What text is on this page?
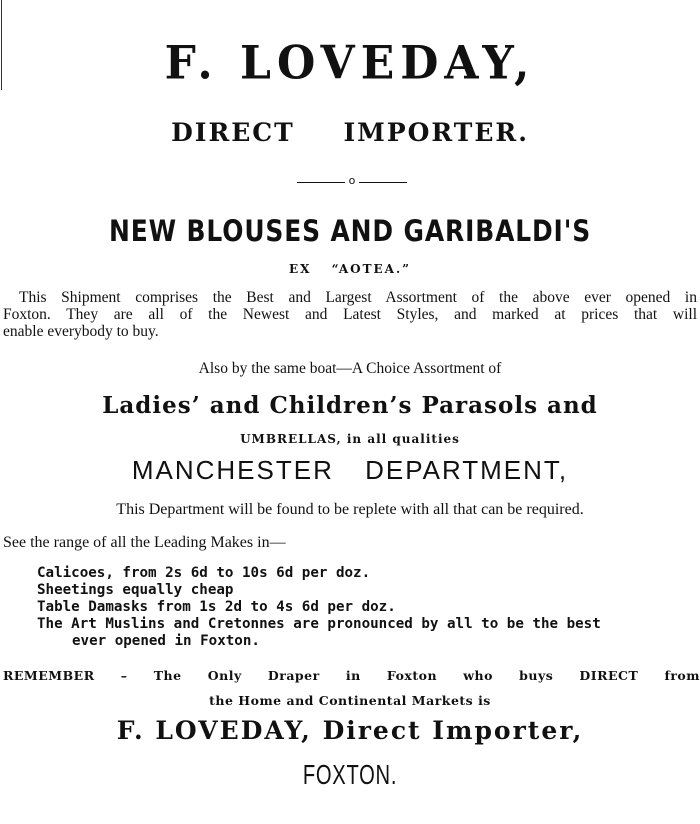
F. LOVEDAY,
DIRECT IMPORTER.
o
NEW BLOUSES AND GARIBALDI'S
EX “AOTEA.”
This Shipment comprises the Best and Largest Assortment of the above ever opened in
Foxton. They are all of the Newest and Latest Styles, and marked at prices that will
enable everybody to buy.
Also by the same boat—A Choice Assortment of
Ladies’ and Children’s Parasols and
UMBRELLAS, in all qualities
MANCHESTER DEPARTMENT,
This Department will be found to be replete with all that can be required.
See the range of all the Leading Makes in—
Calicoes, from 2s 6d to 10s 6d per doz.
Sheetings equally cheap
Table Damasks from 1s 2d to 4s 6d per doz.
The Art Muslins and Cretonnes are pronounced by all to be the best
ever opened in Foxton.
REMEMBER – The Only Draper in Foxton who buys DIRECT from
the Home and Continental Markets is
F. LOVEDAY, Direct Importer,
FOXTON.
